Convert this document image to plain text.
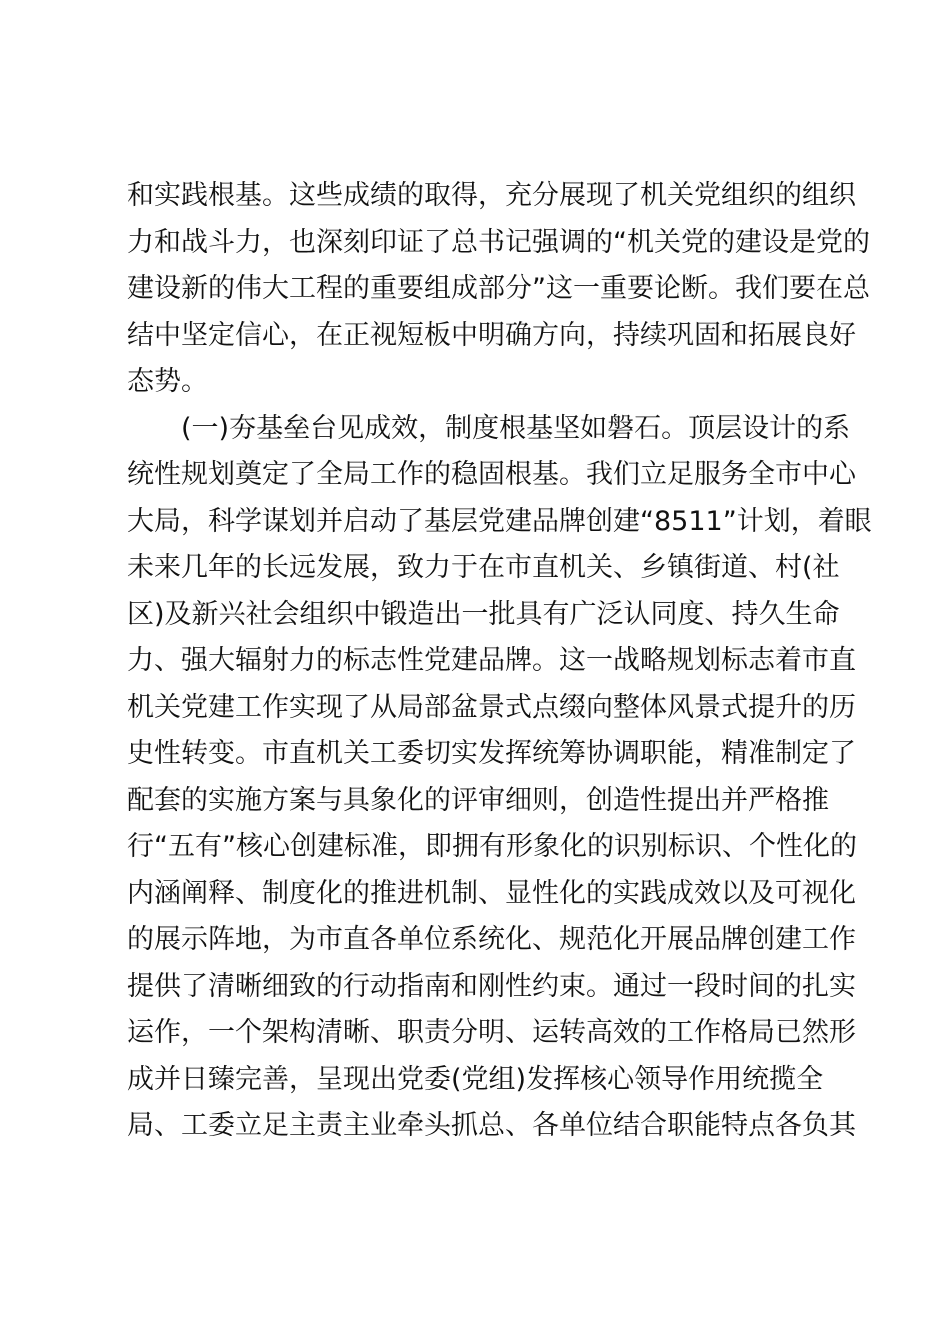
和实践根基。这些成绩的取得，充分展现了机关党组织的组织
力和战斗力，也深刻印证了总书记强调的“机关党的建设是党的
建设新的伟大工程的重要组成部分”这一重要论断。我们要在总
结中坚定信心，在正视短板中明确方向，持续巩固和拓展良好
态势。
(一)夯基垒台见成效，制度根基坚如磐石。顶层设计的系
统性规划奠定了全局工作的稳固根基。我们立足服务全市中心
大局，科学谋划并启动了基层党建品牌创建“8511”计划，着眼
未来几年的长远发展，致力于在市直机关、乡镇街道、村(社
区)及新兴社会组织中锻造出一批具有广泛认同度、持久生命
力、强大辐射力的标志性党建品牌。这一战略规划标志着市直
机关党建工作实现了从局部盆景式点缀向整体风景式提升的历
史性转变。市直机关工委切实发挥统筹协调职能，精准制定了
配套的实施方案与具象化的评审细则，创造性提出并严格推
行“五有”核心创建标准，即拥有形象化的识别标识、个性化的
内涵阐释、制度化的推进机制、显性化的实践成效以及可视化
的展示阵地，为市直各单位系统化、规范化开展品牌创建工作
提供了清晰细致的行动指南和刚性约束。通过一段时间的扎实
运作，一个架构清晰、职责分明、运转高效的工作格局已然形
成并日臻完善，呈现出党委(党组)发挥核心领导作用统揽全
局、工委立足主责主业牵头抓总、各单位结合职能特点各负其
